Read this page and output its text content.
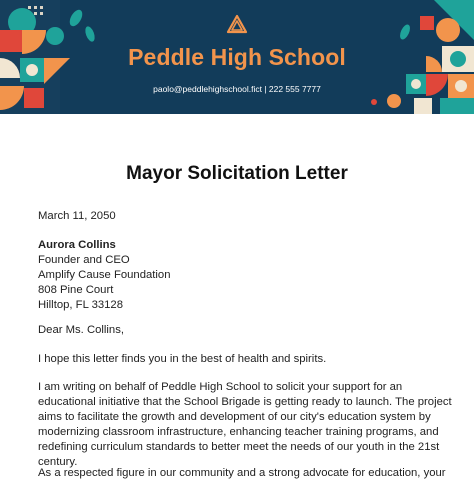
Peddle High School
paolo@peddlehighschool.fict | 222 555 7777
Mayor Solicitation Letter
March 11, 2050
Aurora Collins
Founder and CEO
Amplify Cause Foundation
808 Pine Court
Hilltop, FL 33128
Dear Ms. Collins,
I hope this letter finds you in the best of health and spirits.
I am writing on behalf of Peddle High School to solicit your support for an educational initiative that the School Brigade is getting ready to launch. The project aims to facilitate the growth and development of our city's education system by modernizing classroom infrastructure, enhancing teacher training programs, and redefining curriculum standards to better meet the needs of our youth in the 21st century.
As a respected figure in our community and a strong advocate for education, your
